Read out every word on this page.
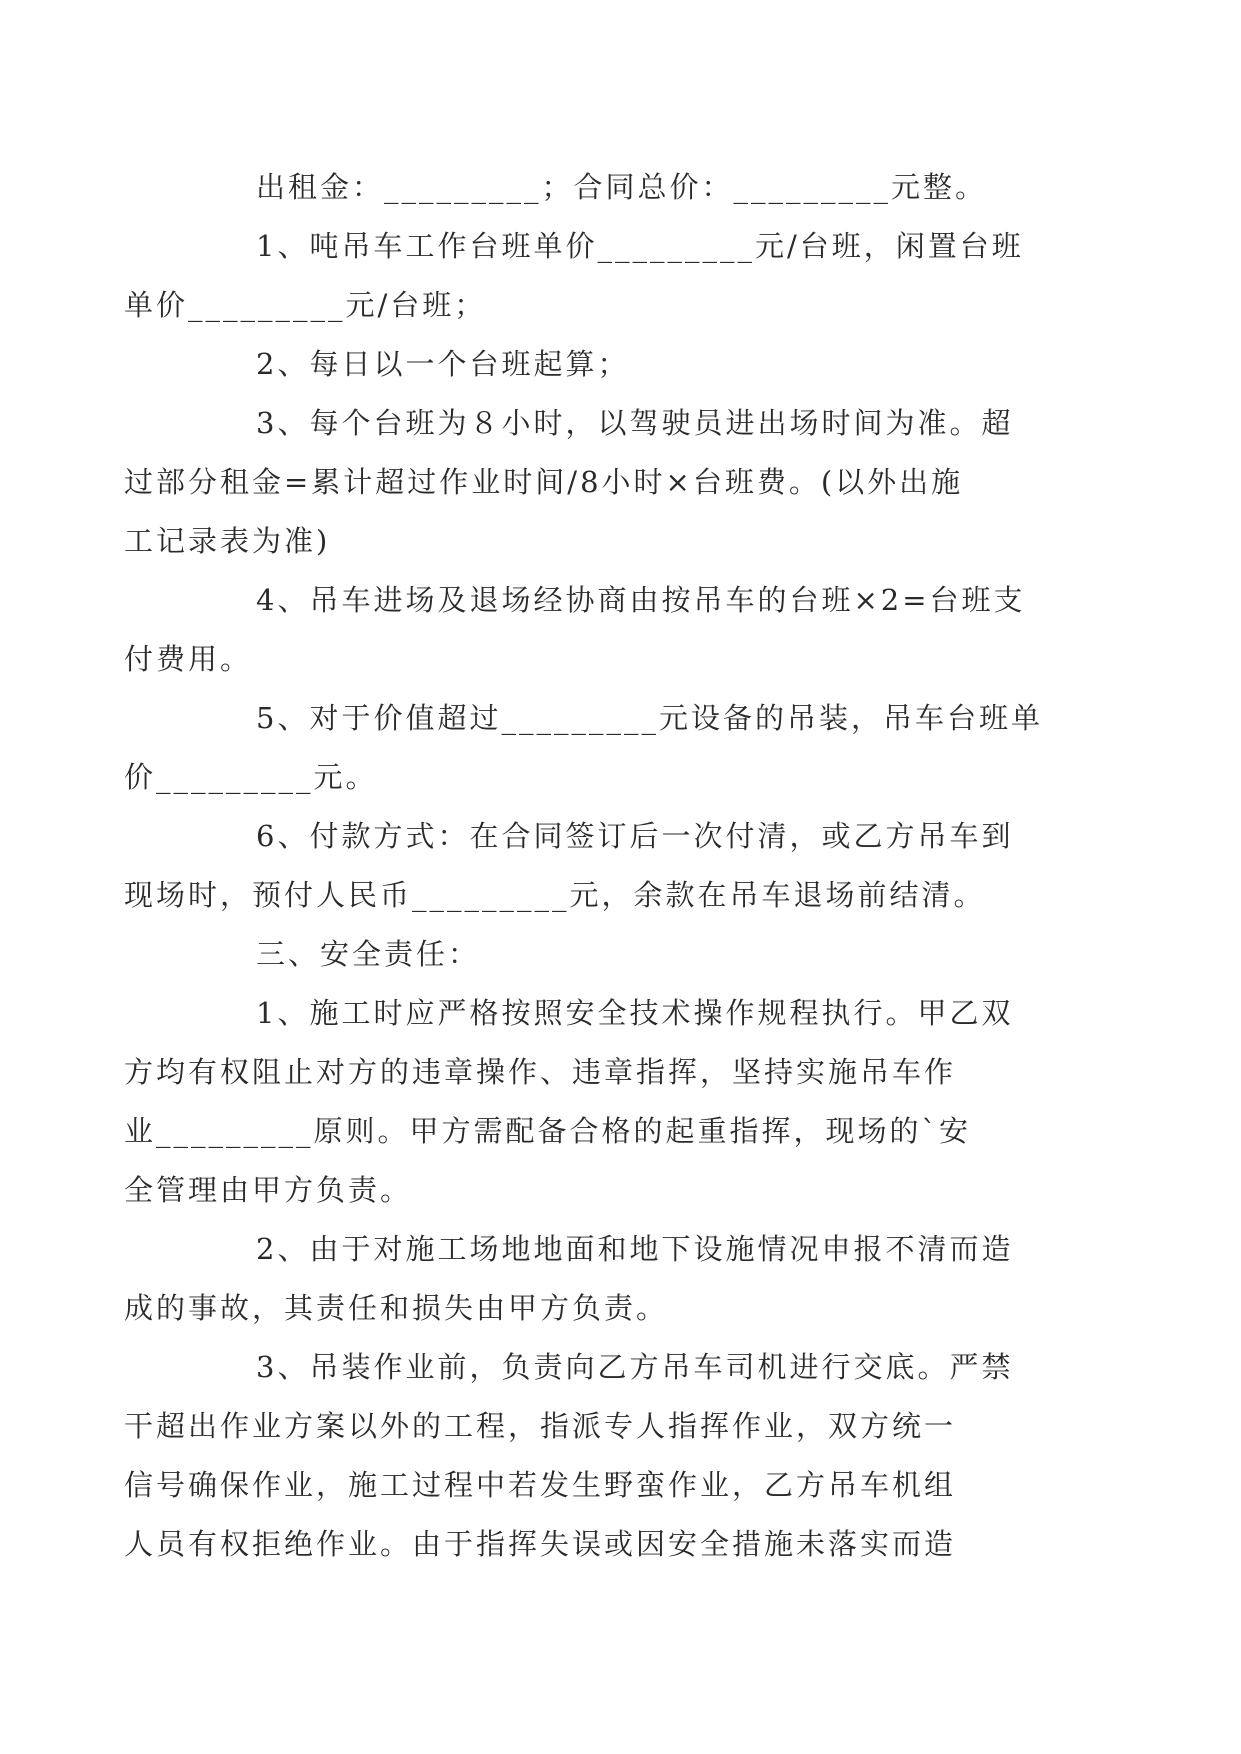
出租金：_________；合同总价：_________元整。
1、吨吊车工作台班单价_________元/台班，闲置台班
单价_________元/台班；
2、每日以一个台班起算；
3、每个台班为８小时，以驾驶员进出场时间为准。超
过部分租金=累计超过作业时间/8小时×台班费。(以外出施
工记录表为准)
4、吊车进场及退场经协商由按吊车的台班×2=台班支
付费用。
5、对于价值超过_________元设备的吊装，吊车台班单
价_________元。
6、付款方式：在合同签订后一次付清，或乙方吊车到
现场时，预付人民币_________元，余款在吊车退场前结清。
三、安全责任：
1、施工时应严格按照安全技术操作规程执行。甲乙双
方均有权阻止对方的违章操作、违章指挥，坚持实施吊车作
业_________原则。甲方需配备合格的起重指挥，现场的`安
全管理由甲方负责。
2、由于对施工场地地面和地下设施情况申报不清而造
成的事故，其责任和损失由甲方负责。
3、吊装作业前，负责向乙方吊车司机进行交底。严禁
干超出作业方案以外的工程，指派专人指挥作业，双方统一
信号确保作业，施工过程中若发生野蛮作业，乙方吊车机组
人员有权拒绝作业。由于指挥失误或因安全措施未落实而造
